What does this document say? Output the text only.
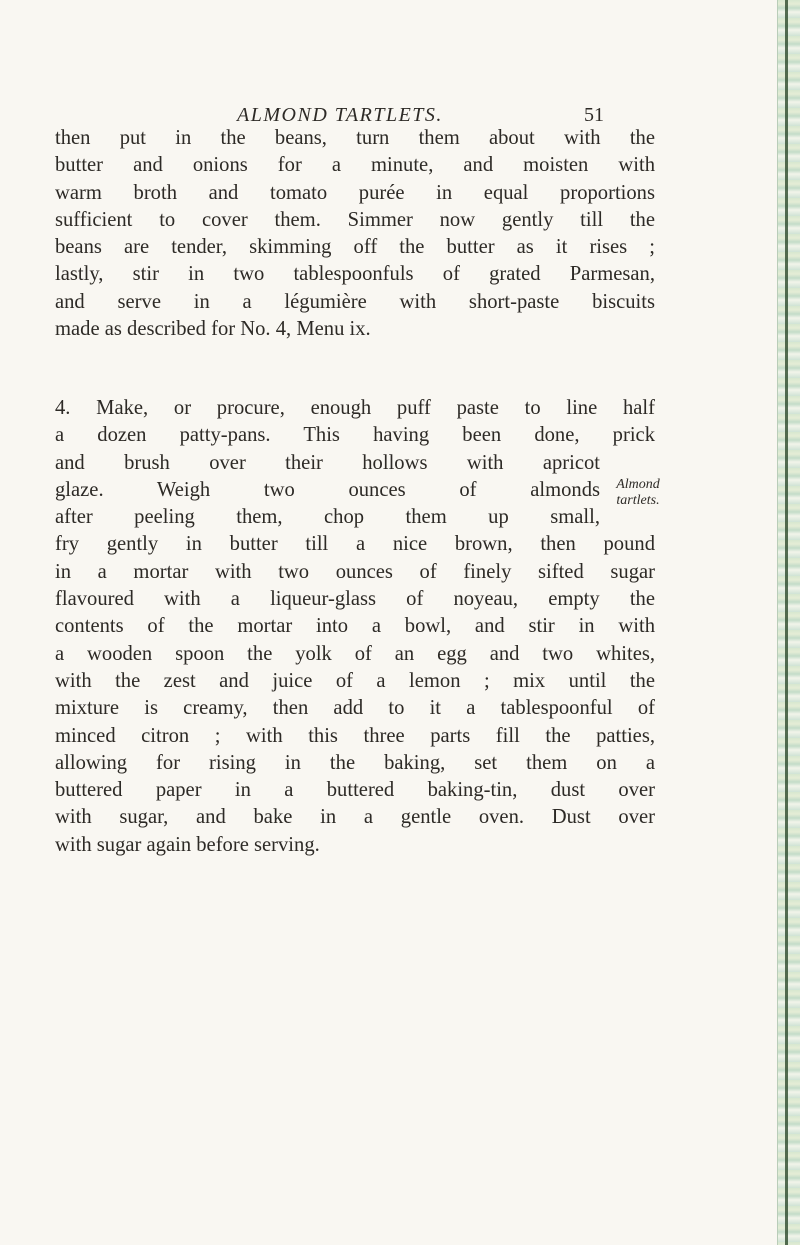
ALMOND TARTLETS.	51
then put in the beans, turn them about with the
butter and onions for a minute, and moisten with
warm broth and tomato purée in equal proportions
sufficient to cover them. Simmer now gently till the
beans are tender, skimming off the butter as it rises ;
lastly, stir in two tablespoonfuls of grated Parmesan,
and serve in a légumière with short-paste biscuits
made as described for No. 4, Menu ix.
4. Make, or procure, enough puff paste to line half
a dozen patty-pans. This having been done, prick
and brush over their hollows with apricot
glaze. Weigh two ounces of almonds
after peeling them, chop them up small,
fry gently in butter till a nice brown, then pound
in a mortar with two ounces of finely sifted sugar
flavoured with a liqueur-glass of noyeau, empty the
contents of the mortar into a bowl, and stir in with
a wooden spoon the yolk of an egg and two whites,
with the zest and juice of a lemon ; mix until the
mixture is creamy, then add to it a tablespoonful of
minced citron ; with this three parts fill the patties,
allowing for rising in the baking, set them on a
buttered paper in a buttered baking-tin, dust over
with sugar, and bake in a gentle oven. Dust over
with sugar again before serving.
Almond
tartlets.
